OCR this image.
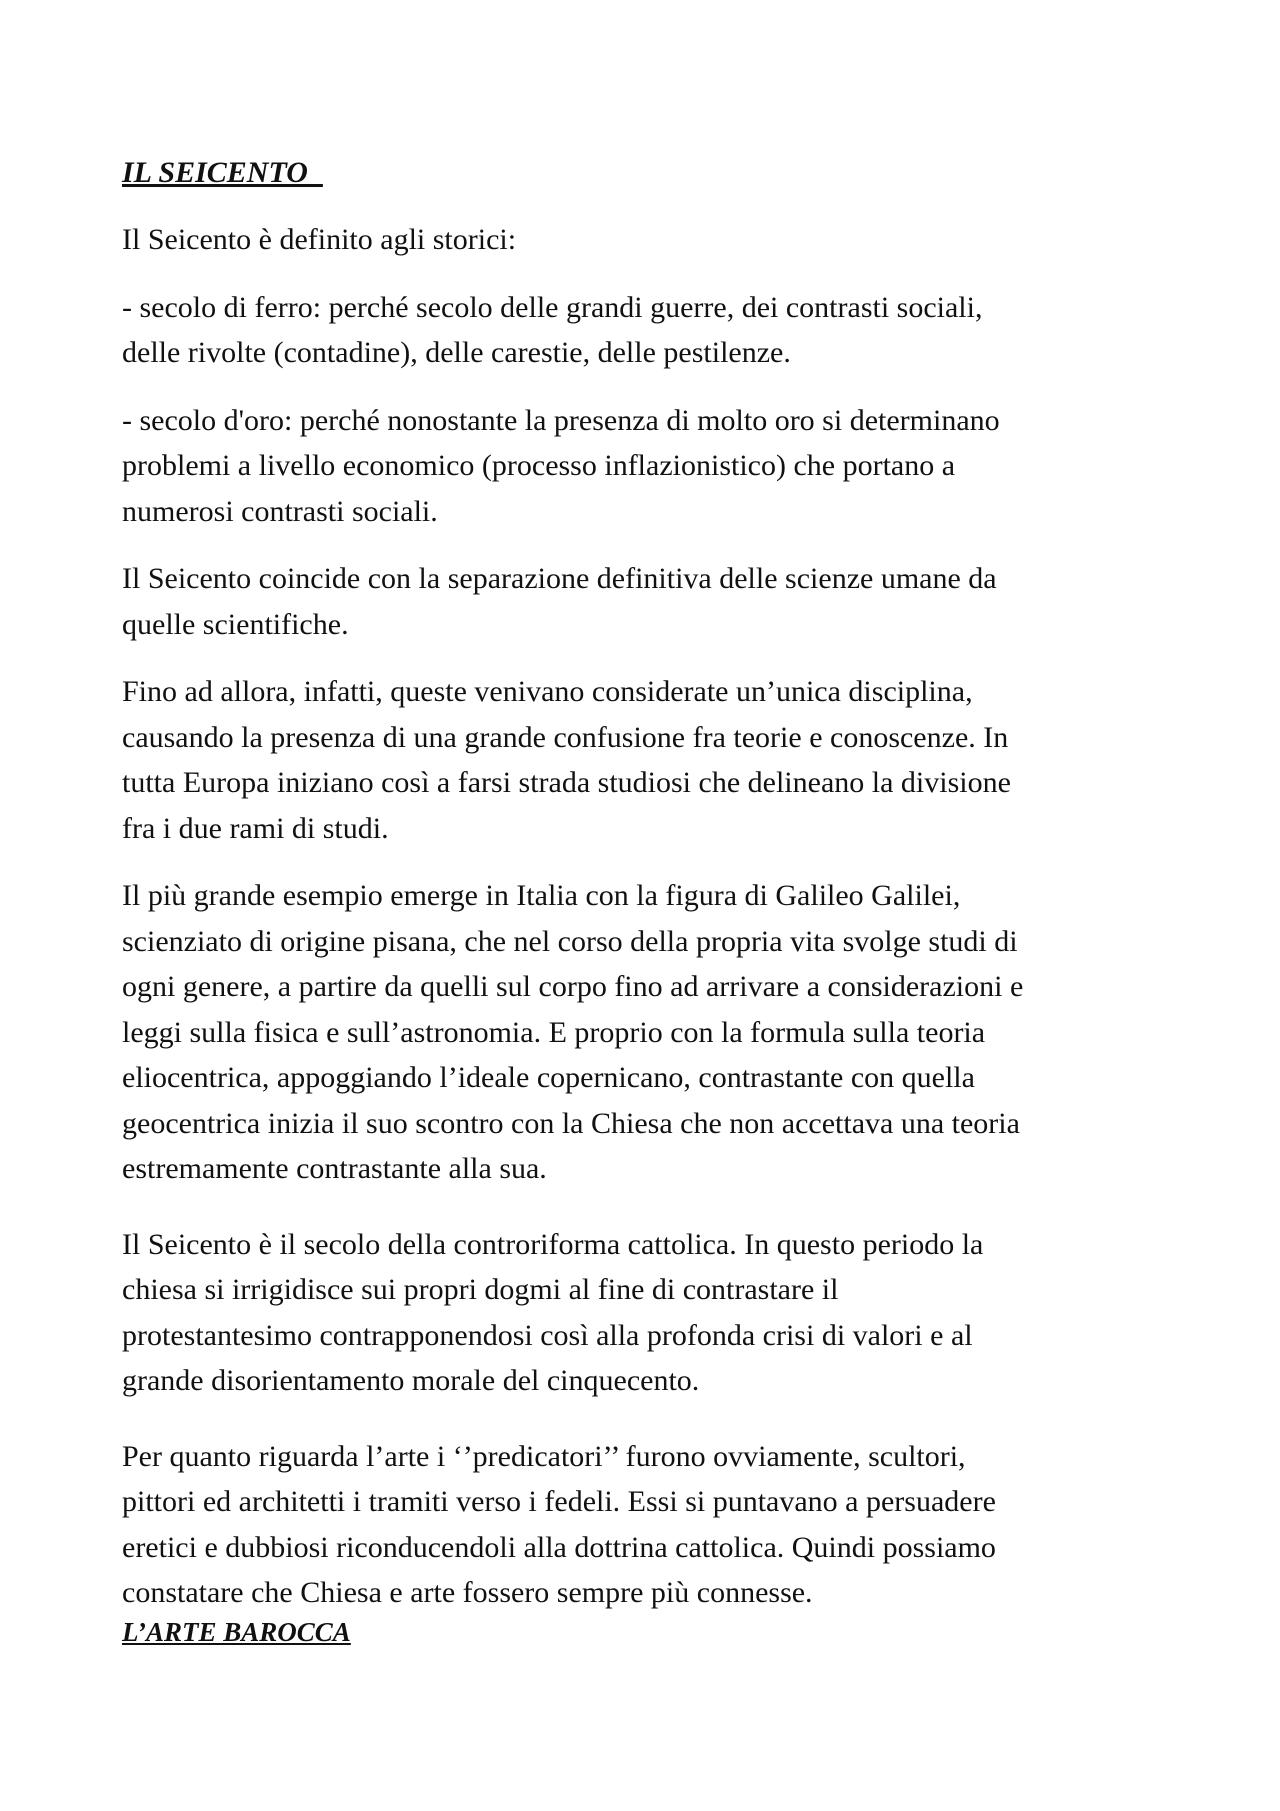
IL SEICENTO

Il Seicento è definito agli storici:

- secolo di ferro: perché secolo delle grandi guerre, dei contrasti sociali,
delle rivolte (contadine), delle carestie, delle pestilenze.

- secolo d'oro: perché nonostante la presenza di molto oro si determinano
problemi a livello economico (processo inflazionistico) che portano a
numerosi contrasti sociali.

Il Seicento coincide con la separazione definitiva delle scienze umane da
quelle scientifiche.

Fino ad allora, infatti, queste venivano considerate un’unica disciplina,
causando la presenza di una grande confusione fra teorie e conoscenze. In
tutta Europa iniziano così a farsi strada studiosi che delineano la divisione
fra i due rami di studi.

Il più grande esempio emerge in Italia con la figura di Galileo Galilei,
scienziato di origine pisana, che nel corso della propria vita svolge studi di
ogni genere, a partire da quelli sul corpo fino ad arrivare a considerazioni e
leggi sulla fisica e sull’astronomia. E proprio con la formula sulla teoria
eliocentrica, appoggiando l’ideale copernicano, contrastante con quella
geocentrica inizia il suo scontro con la Chiesa che non accettava una teoria
estremamente contrastante alla sua.

Il Seicento è il secolo della controriforma cattolica. In questo periodo la
chiesa si irrigidisce sui propri dogmi al fine di contrastare il
protestantesimo contrapponendosi così alla profonda crisi di valori e al
grande disorientamento morale del cinquecento.

Per quanto riguarda l’arte i ‘’predicatori’’ furono ovviamente, scultori,
pittori ed architetti i tramiti verso i fedeli. Essi si puntavano a persuadere
eretici e dubbiosi riconducendoli alla dottrina cattolica. Quindi possiamo
constatare che Chiesa e arte fossero sempre più connesse.

L’ARTE BAROCCA
